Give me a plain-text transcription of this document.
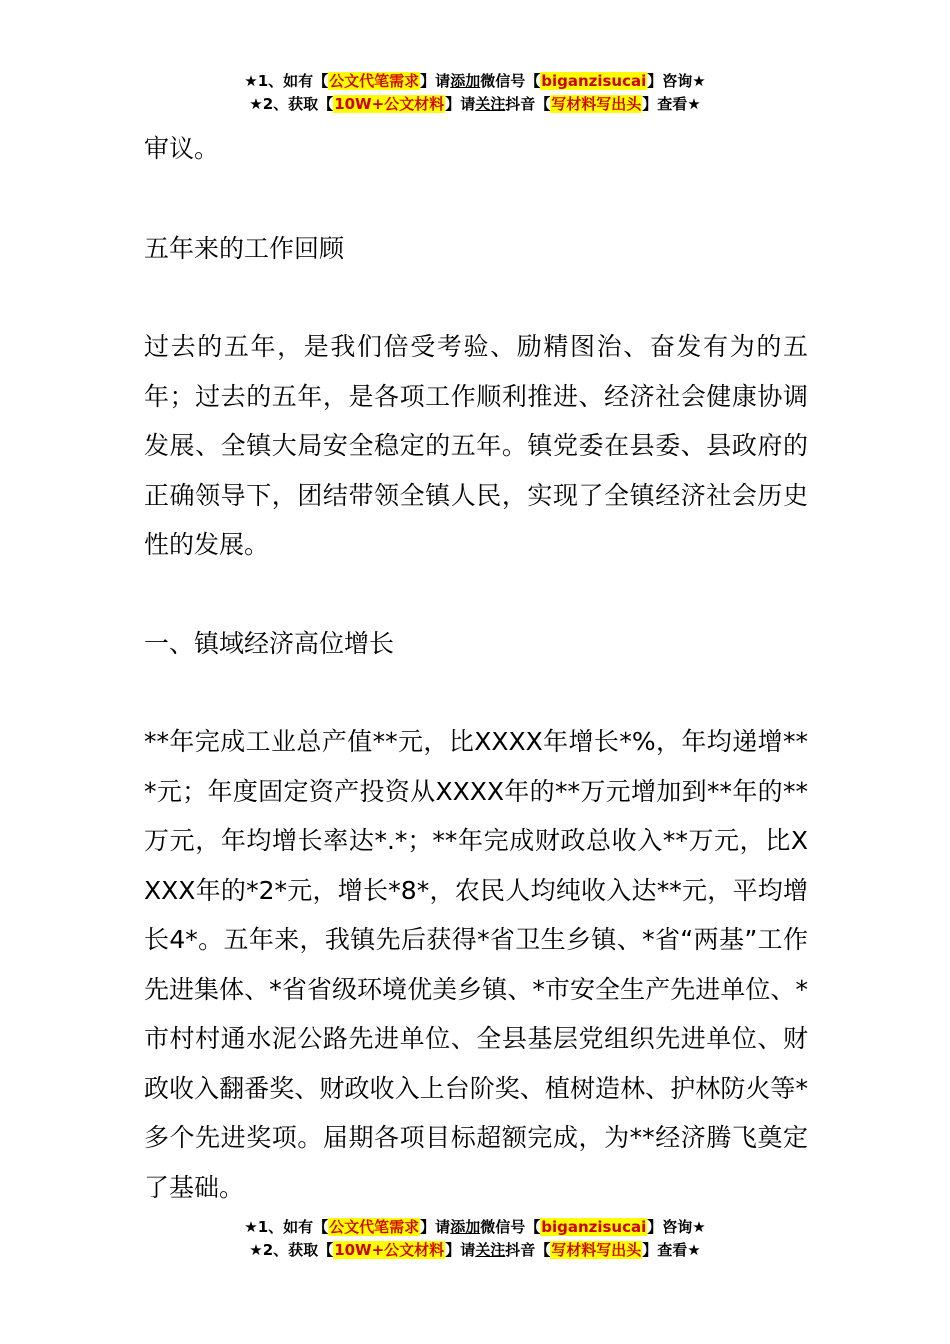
★1、如有【公文代笔需求】请添加微信号【biganzisucai】咨询★
★2、获取【10W+公文材料】请关注抖音【写材料写出头】查看★

审议。

五年来的工作回顾

过去的五年，是我们倍受考验、励精图治、奋发有为的五年；过去的五年，是各项工作顺利推进、经济社会健康协调发展、全镇大局安全稳定的五年。镇党委在县委、县政府的正确领导下，团结带领全镇人民，实现了全镇经济社会历史性的发展。

一、镇域经济高位增长

**年完成工业总产值**元，比XXXX年增长*%，年均递增***元；年度固定资产投资从XXXX年的**万元增加到**年的**万元，年均增长率达*.*；**年完成财政总收入**万元，比XXXX年的*2*元，增长*8*，农民人均纯收入达**元，平均增长4*。五年来，我镇先后获得*省卫生乡镇、*省“两基”工作先进集体、*省省级环境优美乡镇、*市安全生产先进单位、*市村村通水泥公路先进单位、全县基层党组织先进单位、财政收入翻番奖、财政收入上台阶奖、植树造林、护林防火等*多个先进奖项。届期各项目标超额完成，为**经济腾飞奠定了基础。

★1、如有【公文代笔需求】请添加微信号【biganzisucai】咨询★
★2、获取【10W+公文材料】请关注抖音【写材料写出头】查看★
